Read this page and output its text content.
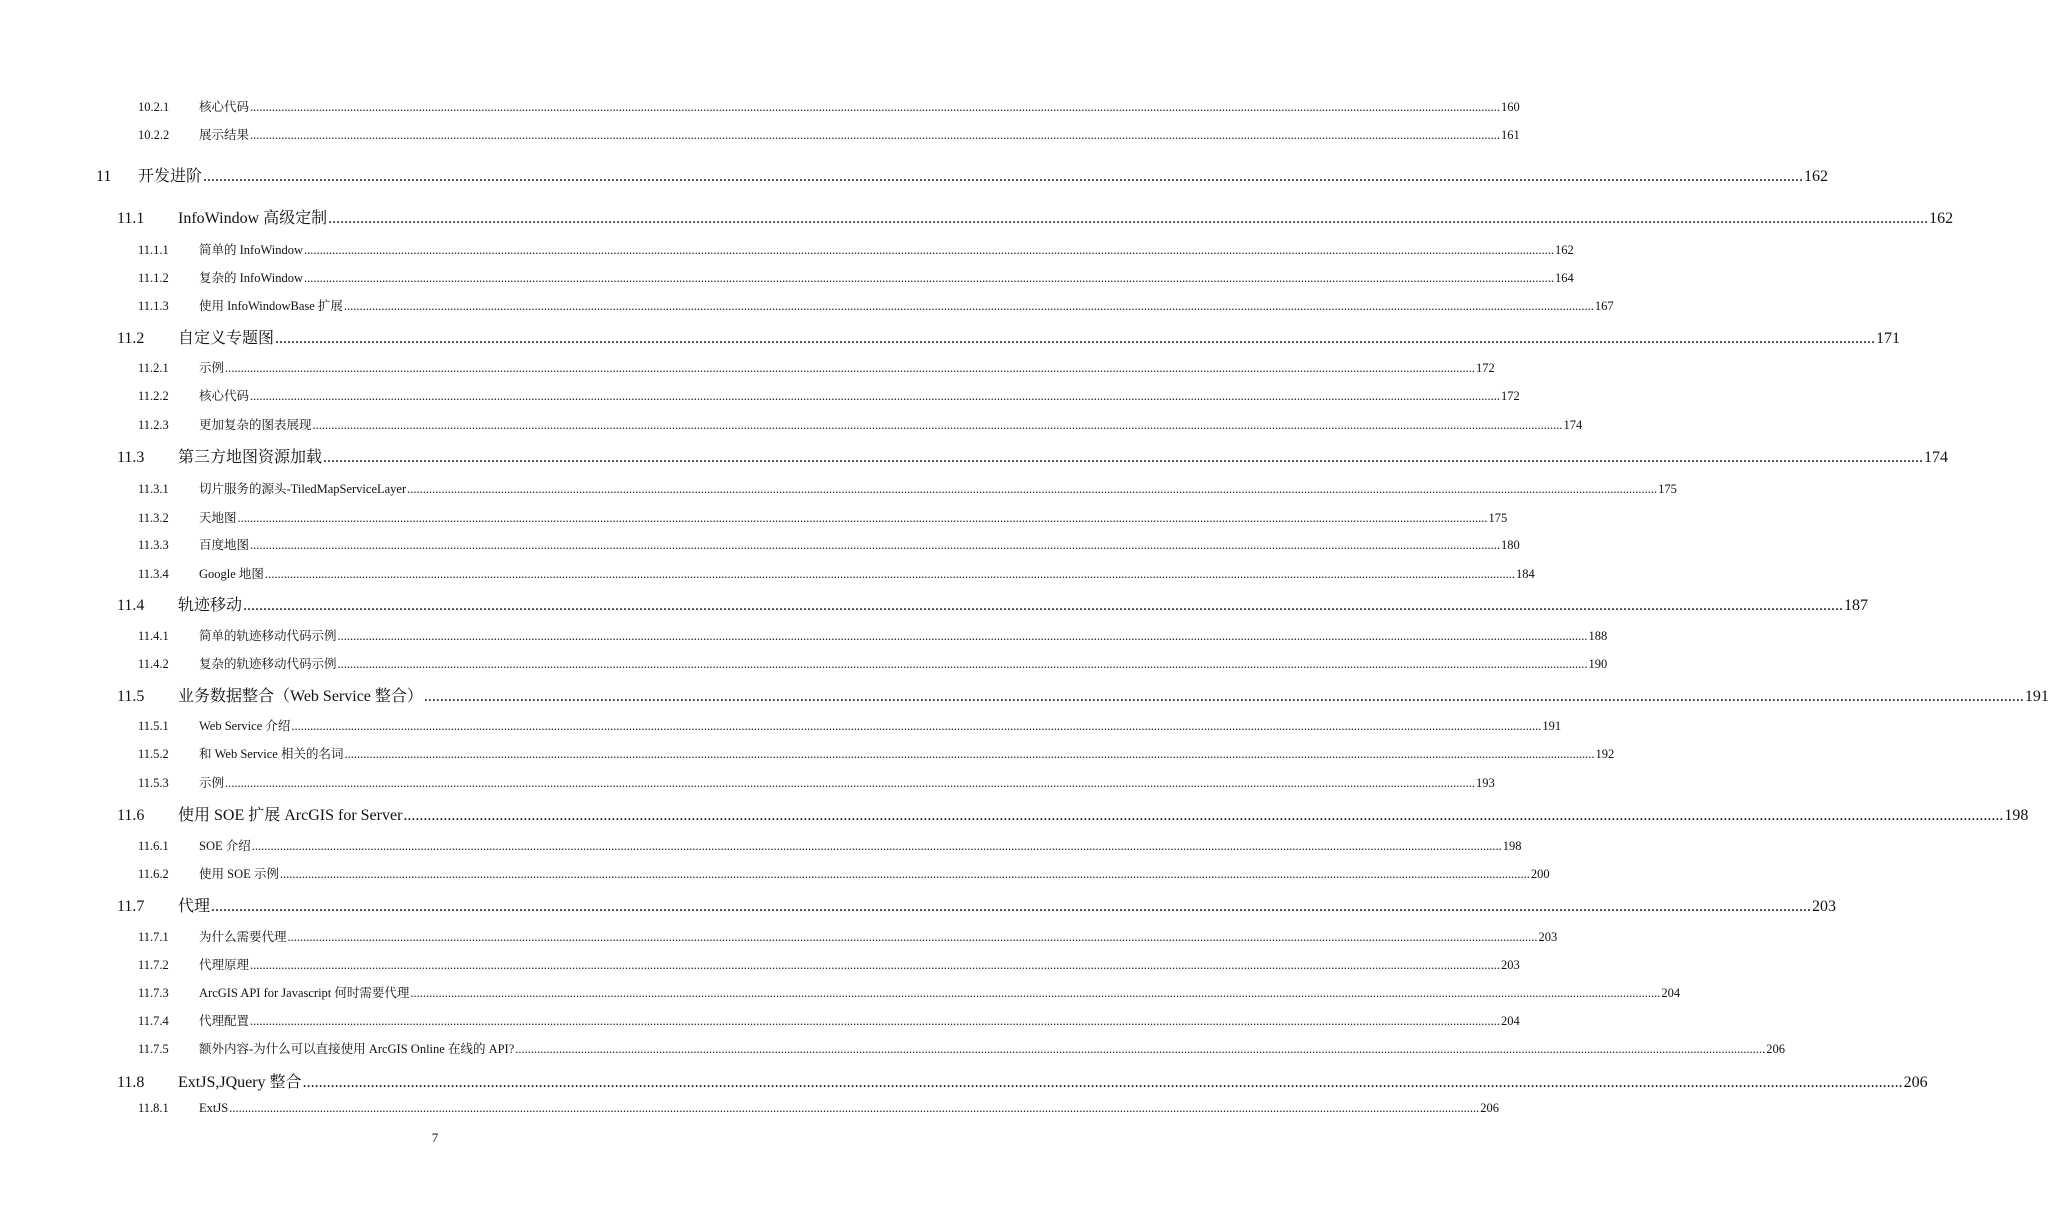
10.2.1	核心代码 ................................................................................................................................................................................................................................................................................................................................................................................................................ 160
10.2.2	展示结果 ................................................................................................................................................................................................................................................................................................................................................................................................................ 161
11	开发进阶 ................................................................................................................................................................................................................................................................................................................................................................................................................ 162
11.1	InfoWindow 高级定制 ................................................................................................................................................................................................................................................................................................................................................................................................................ 162
11.1.1	简单的 InfoWindow ................................................................................................................................................................................................................................................................................................................................................................................................................ 162
11.1.2	复杂的 InfoWindow ................................................................................................................................................................................................................................................................................................................................................................................................................ 164
11.1.3	使用 InfoWindowBase 扩展 ................................................................................................................................................................................................................................................................................................................................................................................................................ 167
11.2	自定义专题图 ................................................................................................................................................................................................................................................................................................................................................................................................................ 171
11.2.1	示例 ................................................................................................................................................................................................................................................................................................................................................................................................................ 172
11.2.2	核心代码 ................................................................................................................................................................................................................................................................................................................................................................................................................ 172
11.2.3	更加复杂的图表展现 ................................................................................................................................................................................................................................................................................................................................................................................................................ 174
11.3	第三方地图资源加载 ................................................................................................................................................................................................................................................................................................................................................................................................................ 174
11.3.1	切片服务的源头-TiledMapServiceLayer ................................................................................................................................................................................................................................................................................................................................................................................................................ 175
11.3.2	天地图 ................................................................................................................................................................................................................................................................................................................................................................................................................ 175
11.3.3	百度地图 ................................................................................................................................................................................................................................................................................................................................................................................................................ 180
11.3.4	Google 地图 ................................................................................................................................................................................................................................................................................................................................................................................................................ 184
11.4	轨迹移动 ................................................................................................................................................................................................................................................................................................................................................................................................................ 187
11.4.1	简单的轨迹移动代码示例 ................................................................................................................................................................................................................................................................................................................................................................................................................ 188
11.4.2	复杂的轨迹移动代码示例 ................................................................................................................................................................................................................................................................................................................................................................................................................ 190
11.5	业务数据整合（Web Service 整合） ................................................................................................................................................................................................................................................................................................................................................................................................................ 191
11.5.1	Web Service 介绍 ................................................................................................................................................................................................................................................................................................................................................................................................................ 191
11.5.2	和 Web Service 相关的名词 ................................................................................................................................................................................................................................................................................................................................................................................................................ 192
11.5.3	示例 ................................................................................................................................................................................................................................................................................................................................................................................................................ 193
11.6	使用 SOE 扩展 ArcGIS for Server ................................................................................................................................................................................................................................................................................................................................................................................................................ 198
11.6.1	SOE 介绍 ................................................................................................................................................................................................................................................................................................................................................................................................................ 198
11.6.2	使用 SOE 示例 ................................................................................................................................................................................................................................................................................................................................................................................................................ 200
11.7	代理 ................................................................................................................................................................................................................................................................................................................................................................................................................ 203
11.7.1	为什么需要代理 ................................................................................................................................................................................................................................................................................................................................................................................................................ 203
11.7.2	代理原理 ................................................................................................................................................................................................................................................................................................................................................................................................................ 203
11.7.3	ArcGIS API for Javascript 何时需要代理 ................................................................................................................................................................................................................................................................................................................................................................................................................ 204
11.7.4	代理配置 ................................................................................................................................................................................................................................................................................................................................................................................................................ 204
11.7.5	额外内容-为什么可以直接使用 ArcGIS Online 在线的 API? ................................................................................................................................................................................................................................................................................................................................................................................................................ 206
11.8	ExtJS,JQuery 整合 ................................................................................................................................................................................................................................................................................................................................................................................................................ 206
11.8.1	ExtJS ................................................................................................................................................................................................................................................................................................................................................................................................................ 206
7
